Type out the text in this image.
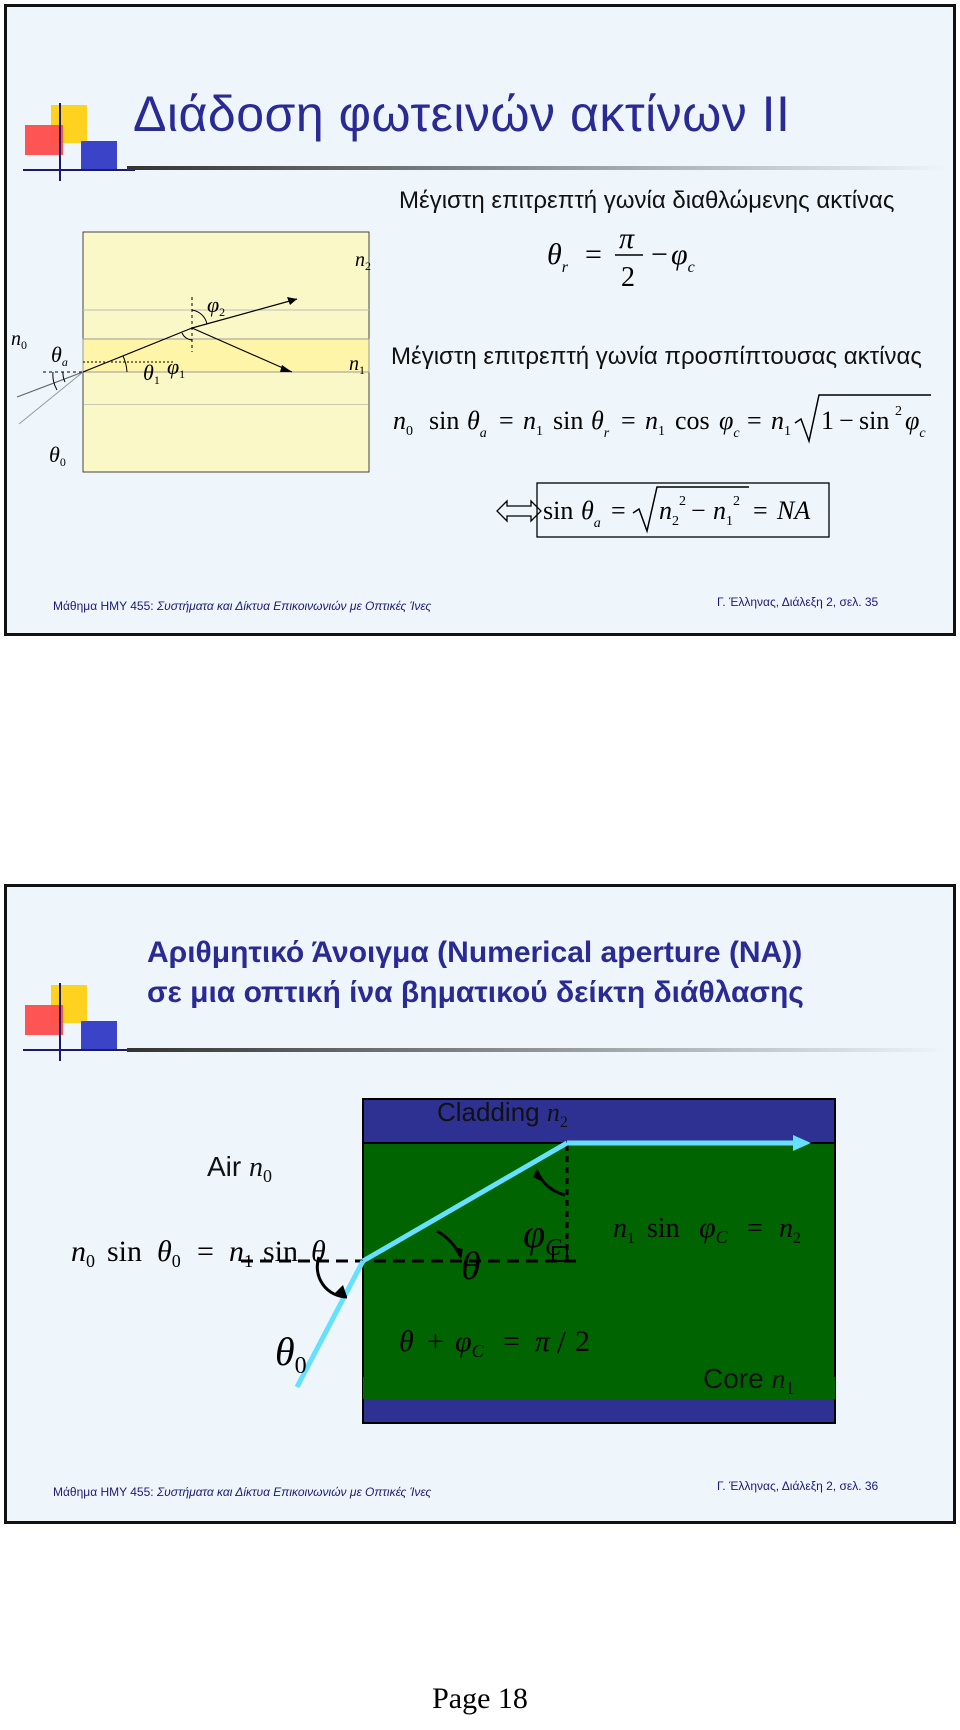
Διάδοση φωτεινών ακτίνων ΙΙ
Μέγιστη επιτρεπτή γωνία διαθλώμενης ακτίνας
Μέγιστη επιτρεπτή γωνία προσπίπτουσας ακτίνας
$n_2$
$n_1$
$n_0$ θa	θ1
φ1
φ2
θ0
$\theta_r = \pi$
2
− $\varphi_c$
$n_0$ $\sin \theta_a = n_1$ $\sin \theta_r = n_1$ $\cos \varphi_c = n_1$ 1 − sin 2 $\varphi_c$
$\sin \theta_a = n_2$
$2 - n_1$
2 = NA
Μάθημα ΗΜΥ 455: Συστήματα και Δίκτυα Επικοινωνιών με Οπτικές Ίνες	Γ. Έλληνας, Διάλεξη 2, σελ. 35
Αριθμητικό Άνοιγμα (Numerical aperture (NA))
σε μια οπτική ίνα βηματικού δείκτη διάθλασης
Cladding $n_2$
Air $n_0$
Core $n_1$
$n_0$ $\sin \theta_0 = n_1$ sin θ
$n_1$ $\sin \varphi_C = n_2$
$\theta + \varphi_C = \pi / 2$
$\theta_0$
θ
$\varphi_C$
Μάθημα ΗΜΥ 455: Συστήματα και Δίκτυα Επικοινωνιών με Οπτικές Ίνες	Γ. Έλληνας, Διάλεξη 2, σελ. 36
Page 18
